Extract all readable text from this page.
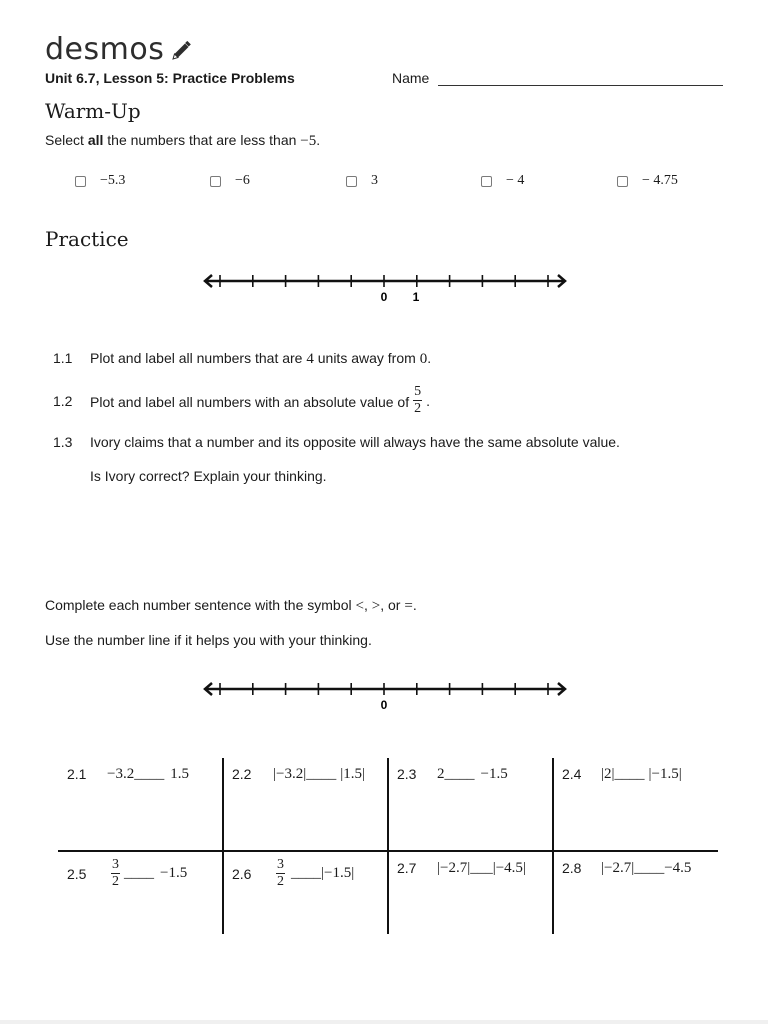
desmos
Unit 6.7, Lesson 5: Practice Problems	Name
Warm-Up
Select all the numbers that are less than −5.
−5.3	−6	3	− 4	− 4.75
Practice
0 1
1.1 Plot and label all numbers that are 4 units away from 0.
1.2 Plot and label all numbers with an absolute value of $\frac{5}{2}$ .
1.3 Ivory claims that a number and its opposite will always have the same absolute value.
Is Ivory correct? Explain your thinking.
Complete each number sentence with the symbol <, >, or =.
Use the number line if it helps you with your thinking.
0
2.1	−3.2 ____ 1.5	2.2	|−3.2| ____ |1.5| 2.3	2 ____ −1.5	2.4	|2| ____ |−1.5|
2.5	$\frac{3}{2}$ ____ −1.5	2.6	$\frac{3}{2}$ ____ |−1.5|	2.7	|−2.7| ___ |−4.5|	2.8	|−2.7| ____ −4.5
